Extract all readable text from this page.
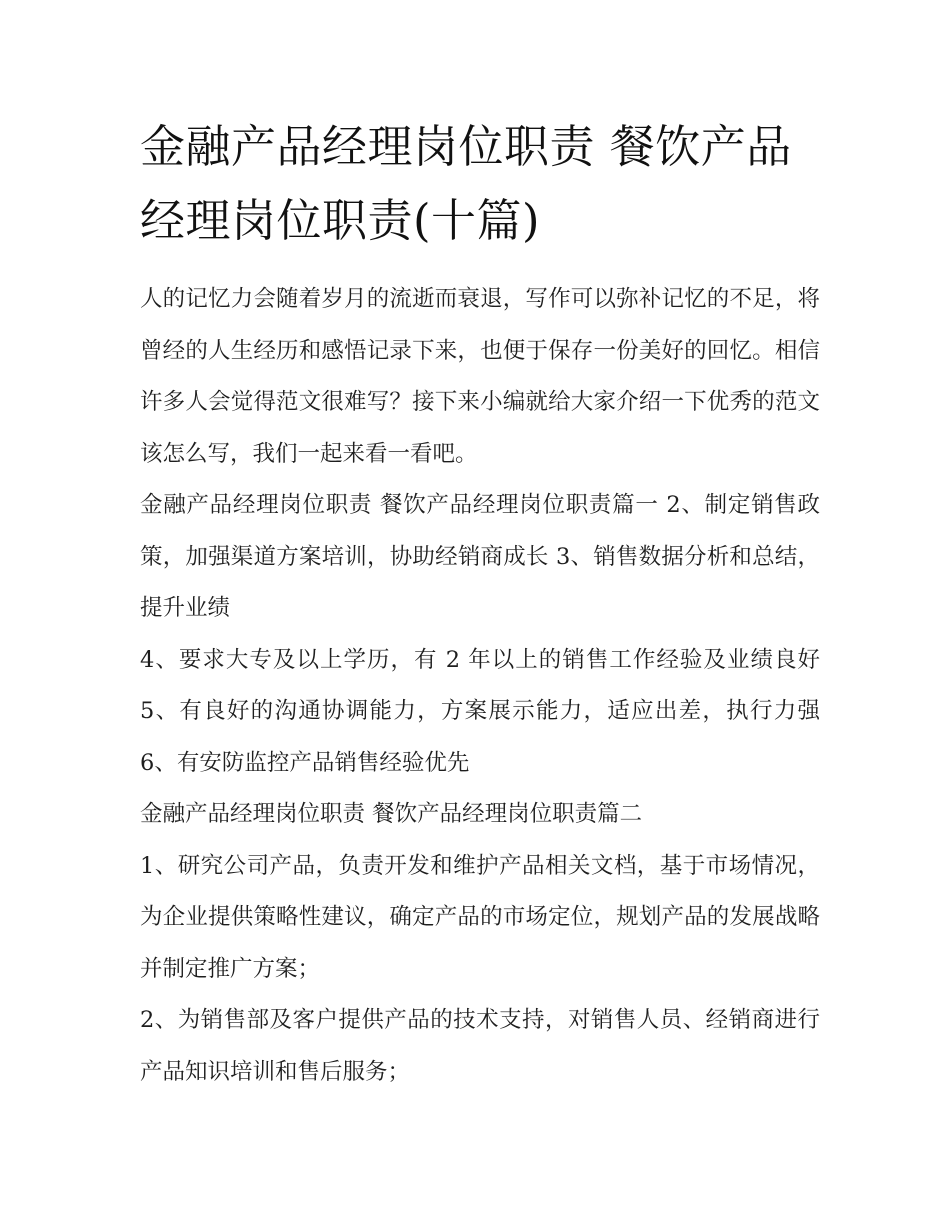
金融产品经理岗位职责 餐饮产品经理岗位职责(十篇)

人的记忆力会随着岁月的流逝而衰退，写作可以弥补记忆的不足，将曾经的人生经历和感悟记录下来，也便于保存一份美好的回忆。相信许多人会觉得范文很难写？接下来小编就给大家介绍一下优秀的范文该怎么写，我们一起来看一看吧。

金融产品经理岗位职责 餐饮产品经理岗位职责篇一 2、制定销售政策，加强渠道方案培训，协助经销商成长 3、销售数据分析和总结，提升业绩

4、要求大专及以上学历，有 2 年以上的销售工作经验及业绩良好 5、有良好的沟通协调能力，方案展示能力，适应出差，执行力强 6、有安防监控产品销售经验优先

金融产品经理岗位职责 餐饮产品经理岗位职责篇二

1、研究公司产品，负责开发和维护产品相关文档，基于市场情况，为企业提供策略性建议，确定产品的市场定位，规划产品的发展战略并制定推广方案；

2、为销售部及客户提供产品的技术支持，对销售人员、经销商进行产品知识培训和售后服务；
